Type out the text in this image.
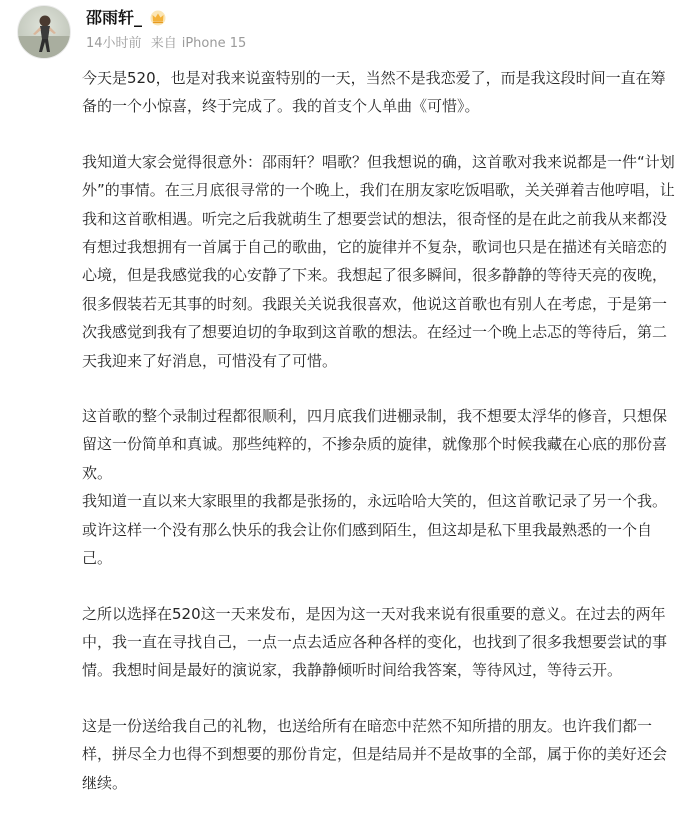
邵雨轩_
14小时前 来自 iPhone 15

今天是520，也是对我来说蛮特别的一天，当然不是我恋爱了，而是我这段时间一直在筹备的一个小惊喜，终于完成了。我的首支个人单曲《可惜》。

我知道大家会觉得很意外：邵雨轩？唱歌？但我想说的确，这首歌对我来说都是一件“计划外”的事情。在三月底很寻常的一个晚上，我们在朋友家吃饭唱歌，关关弹着吉他哼唱，让我和这首歌相遇。听完之后我就萌生了想要尝试的想法，很奇怪的是在此之前我从来都没有想过我想拥有一首属于自己的歌曲，它的旋律并不复杂，歌词也只是在描述有关暗恋的心境，但是我感觉我的心安静了下来。我想起了很多瞬间，很多静静的等待天亮的夜晚，很多假装若无其事的时刻。我跟关关说我很喜欢，他说这首歌也有别人在考虑，于是第一次我感觉到我有了想要迫切的争取到这首歌的想法。在经过一个晚上忐忑的等待后，第二天我迎来了好消息，可惜没有了可惜。

这首歌的整个录制过程都很顺利，四月底我们进棚录制，我不想要太浮华的修音，只想保留这一份简单和真诚。那些纯粹的，不掺杂质的旋律，就像那个时候我藏在心底的那份喜欢。

我知道一直以来大家眼里的我都是张扬的，永远哈哈大笑的，但这首歌记录了另一个我。

或许这样一个没有那么快乐的我会让你们感到陌生，但这却是私下里我最熟悉的一个自己。

之所以选择在520这一天来发布，是因为这一天对我来说有很重要的意义。在过去的两年中，我一直在寻找自己，一点一点去适应各种各样的变化，也找到了很多我想要尝试的事情。我想时间是最好的演说家，我静静倾听时间给我答案，等待风过，等待云开。

这是一份送给我自己的礼物，也送给所有在暗恋中茫然不知所措的朋友。也许我们都一样，拼尽全力也得不到想要的那份肯定，但是结局并不是故事的全部，属于你的美好还会继续。
